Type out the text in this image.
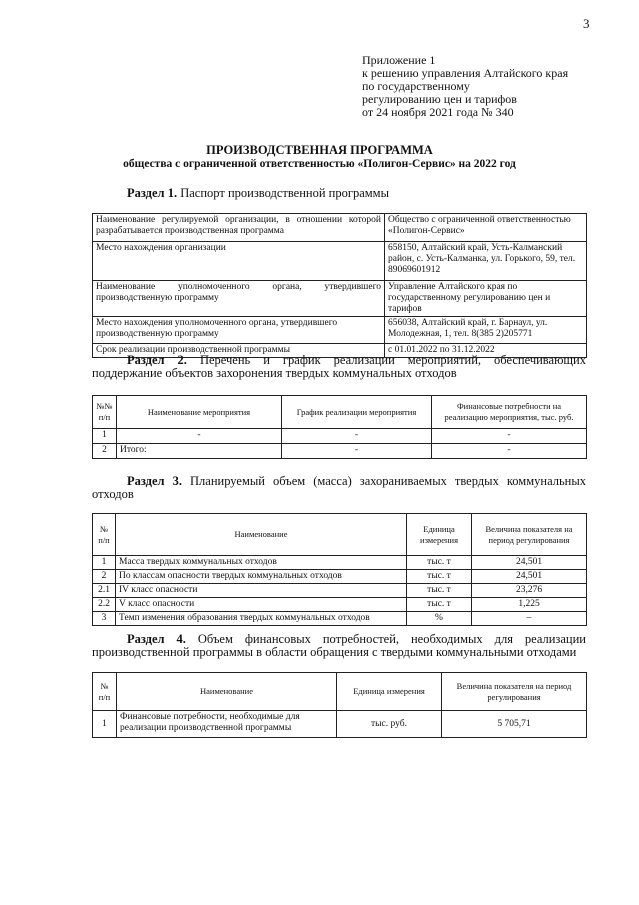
3
Приложение 1
к решению управления Алтайского края
по государственному
регулированию цен и тарифов
от 24 ноября 2021 года № 340
ПРОИЗВОДСТВЕННАЯ ПРОГРАММА
общества с ограниченной ответственностью «Полигон-Сервис» на 2022 год
Раздел 1. Паспорт производственной программы
Наименование регулируемой организации, в отношении которой разрабатывается производственная программа	Общество с ограниченной ответственностью «Полигон-Сервис»
Место нахождения организации	658150, Алтайский край, Усть-Калманский район, с. Усть-Калманка, ул. Горького, 59, тел. 89069601912
Наименование уполномоченного органа, утвердившего производственную программу	Управление Алтайского края по государственному регулированию цен и тарифов
Место нахождения уполномоченного органа, утвердившего производственную программу	656038, Алтайский край, г. Барнаул, ул. Молодежная, 1, тел. 8(385 2)205771
Срок реализации производственной программы	с 01.01.2022 по 31.12.2022
Раздел 2. Перечень и график реализации мероприятий, обеспечивающих поддержание объектов захоронения твердых коммунальных отходов
№№ п/п	Наименование мероприятия	График реализации мероприятия	Финансовые потребности на реализацию мероприятия, тыс. руб.
1	-	-	-
2	Итого:	-	-
Раздел 3. Планируемый объем (масса) захораниваемых твердых коммунальных отходов
№ п/п	Наименование	Единица измерения	Величина показателя на период регулирования
1	Масса твердых коммунальных отходов	тыс. т	24,501
2	По классам опасности твердых коммунальных отходов	тыс. т	24,501
2.1	IV класс опасности	тыс. т	23,276
2.2	V класс опасности	тыс. т	1,225
3	Темп изменения образования твердых коммунальных отходов	%	–
Раздел 4. Объем финансовых потребностей, необходимых для реализации производственной программы в области обращения с твердыми коммунальными отходами
№ п/п	Наименование	Единица измерения	Величина показателя на период регулирования
1	Финансовые потребности, необходимые для реализации производственной программы	тыс. руб.	5 705,71
